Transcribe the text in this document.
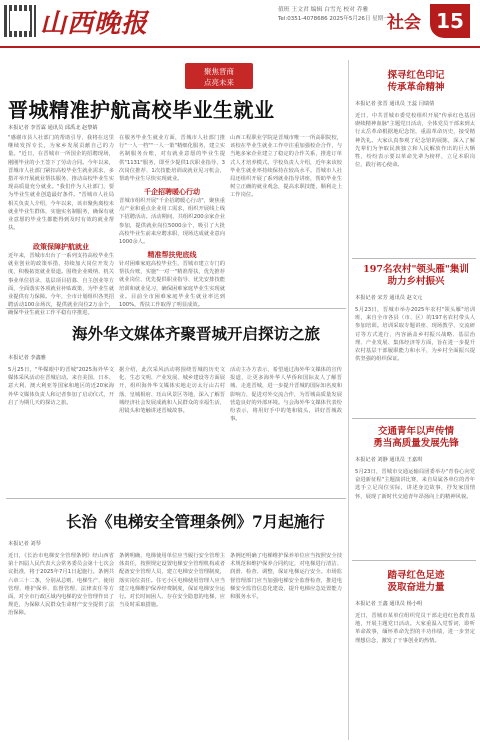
山西晚报	值班 王文君 编辑 白雪光 校对 乔雅
Tel:0351-4078686 2025年5月26日 星期一
社会 15
聚焦晋商
点亮未来
晋城精准护航高校毕业生就业
本报记者 李晋霖 通讯员 邱禹北 赵黎婧

"感谢市县人社部门的帮助引导，我将在这里继续发挥专长，为家乡发展贡献自己的力量。"近日，在晋城市一所国企的招聘现场，刚刚毕业的小王签下了劳动合同。今年以来，晋城市人社部门紧扣高校毕业生就业需求，多措并举开展就业帮扶服务，推动高校毕业生实现高质量充分就业。"我们作为人社部门，要为毕业生就业创造最好条件。"晋城市人社局相关负责人介绍，今年以来，该市聚焦离校未就业毕业生群体，实施实名制服务，确保有就业意愿的毕业生都能得到及时有效的就业帮扶。

政策保障护航就业

近年来，晋城市出台了一系列支持高校毕业生就业创业的政策举措，持续加大岗位开发力度，积极拓宽就业渠道。围绕企业吸纳、机关事业单位招录、基层项目招募、自主创业等方面，全面落实各项就业补贴政策，为毕业生就业提供有力保障。今年，全市计划组织各类招聘活动100余场次，提供就业岗位2万余个，确保毕业生就业工作平稳有序推进。

在服务毕业生就业方面，晋城市人社部门推行"一人一档""一人一策"精细化服务，建立实名制服务台账，对有就业意愿的毕业生提供"1131"服务，即至少提供1次职业指导、3次岗位推荐、1次技能培训或就业见习机会，帮助毕业生尽快实现就业。

千企招聘暖心行动

晋城市组织开展"千企招聘暖心行动"，聚焦重点产业和重点企业用工需求，组织开展线上线下招聘活动。活动期间，共组织200余家企业参加，提供就业岗位5000余个，吸引了大批高校毕业生前来应聘求职，现场达成就业意向1000余人。

精准帮扶兜底线

针对困难家庭高校毕业生，晋城市建立专门的帮扶台账，实施"一对一"精准帮扶，优先推荐就业岗位、优先提供职业指导、优先安排技能培训和就业见习，确保困难家庭毕业生实现就业。目前全市困难家庭毕业生就业率达到100%，帮扶工作取得了明显成效。

山西工程职业学院是晋城市唯一一所高职院校，该校在毕业生就业工作中注重加强校企合作，与当地多家企业建立了稳定的合作关系，推进订单式人才培养模式。学校负责人介绍，近年来该校毕业生就业率持续保持在较高水平。晋城市人社局还组织开展了系列就业指导讲座，帮助毕业生树立正确的就业观念，提高求职技能，顺利走上工作岗位。

海外华文媒体齐聚晋城开启探访之旅
本报记者 李鑫雅

5月25日，"华媒眼中的晋城"2025海外华文媒体采风活动在晋城启动。来自美国、日本、意大利、澳大利亚等国家和地区的近20家海外华文媒体负责人和记者参加了启动仪式，开启了为期几天的探访之旅。

据介绍，此次采风活动将围绕晋城的历史文化、生态文明、产业发展、城乡建设等方面展开，组织海外华文媒体实地走访太行山古村落、皇城相府、珏山风景区等地，深入了解晋城经济社会发展成就和人民群众的幸福生活，用镜头和笔触讲述晋城故事。

活动主办方表示，希望通过海外华文媒体的宣传报道，让更多海外华人华侨和国际友人了解晋城、走进晋城，进一步提升晋城的国际知名度和影响力，促进对外交流合作，为晋城高质量发展营造良好的外部环境。与会海外华文媒体代表纷纷表示，将用好手中的笔和镜头，讲好晋城故事。

长治《电梯安全管理条例》7月起施行
本报记者 刘琴

近日，《长治市电梯安全管理条例》经山西省第十四届人民代表大会常务委员会第十七次会议批准，将于2025年7月1日起施行。条例共六章三十二条，分别从总则、电梯生产、使用管理、维护保养、监督管理、法律责任等方面，对全市行政区域内电梯的安全管理作出了规范，为保障人民群众生命财产安全提供了法治保障。

条例明确，电梯使用单位应当履行安全管理主体责任，按照规定设置电梯安全管理机构或者配备安全管理人员，建立电梯安全管理制度，落实岗位责任。住宅小区电梯使用管理人应当建立电梯维护保养经费制度，保证电梯安全运行。对长时间困人、存在安全隐患的电梯，应当及时采取措施。

条例还明确了电梯维护保养单位应当按照安全技术规范和维护保养合同约定，对电梯进行清洁、润滑、检查、调整，保证电梯运行安全。市场监督管理部门应当加强电梯安全监督检查，推进电梯安全监管信息化建设，提升电梯应急处置能力和服务水平。

探寻红色印记
传承革命精神
本报记者 张晋 通讯员 王蕊 闫瑞倩

近日，中共晋城市委党校组织开展"传承红色基因 赓续精神血脉"主题党日活动，全体党员干部来到太行太岳革命根据地纪念馆，重温革命历史，接受精神洗礼。大家认真参观了纪念馆的展陈，深入了解先辈们为争取民族独立和人民解放作出的巨大牺牲，纷纷表示要以革命先辈为榜样，立足本职岗位，践行初心使命。

197名农村"领头雁"集训
助力乡村振兴
本报记者 宋芳 通讯员 赵文元

5月23日，晋城市举办2025年农村"领头雁"培训班，来自全市各县（市、区）的197名农村带头人参加培训。培训采取专题讲座、现场教学、交流研讨等方式进行，内容涵盖乡村振兴战略、基层治理、产业发展、集体经济等方面，旨在进一步提升农村基层干部履职能力和水平，为乡村全面振兴提供坚强的组织保证。

交通青年以声传情
勇当高质量发展先锋
本报记者 刘静 通讯员 王嘉琪

5月23日，晋城市交通运输局团委举办"青春心向党 奋进新征程"主题演讲比赛，来自局属各单位的青年选手立足岗位实际，讲述身边故事，抒发家国情怀，展现了新时代交通青年昂扬向上的精神风貌。

踏寻红色足迹
汲取奋进力量
本报记者 王鑫 通讯员 杨小明

近日，晋城市某单位组织党员干部走进红色教育基地，开展主题党日活动。大家重温入党誓词，聆听革命故事，缅怀革命先烈的丰功伟绩，进一步坚定理想信念，激发了干事创业的热情。
